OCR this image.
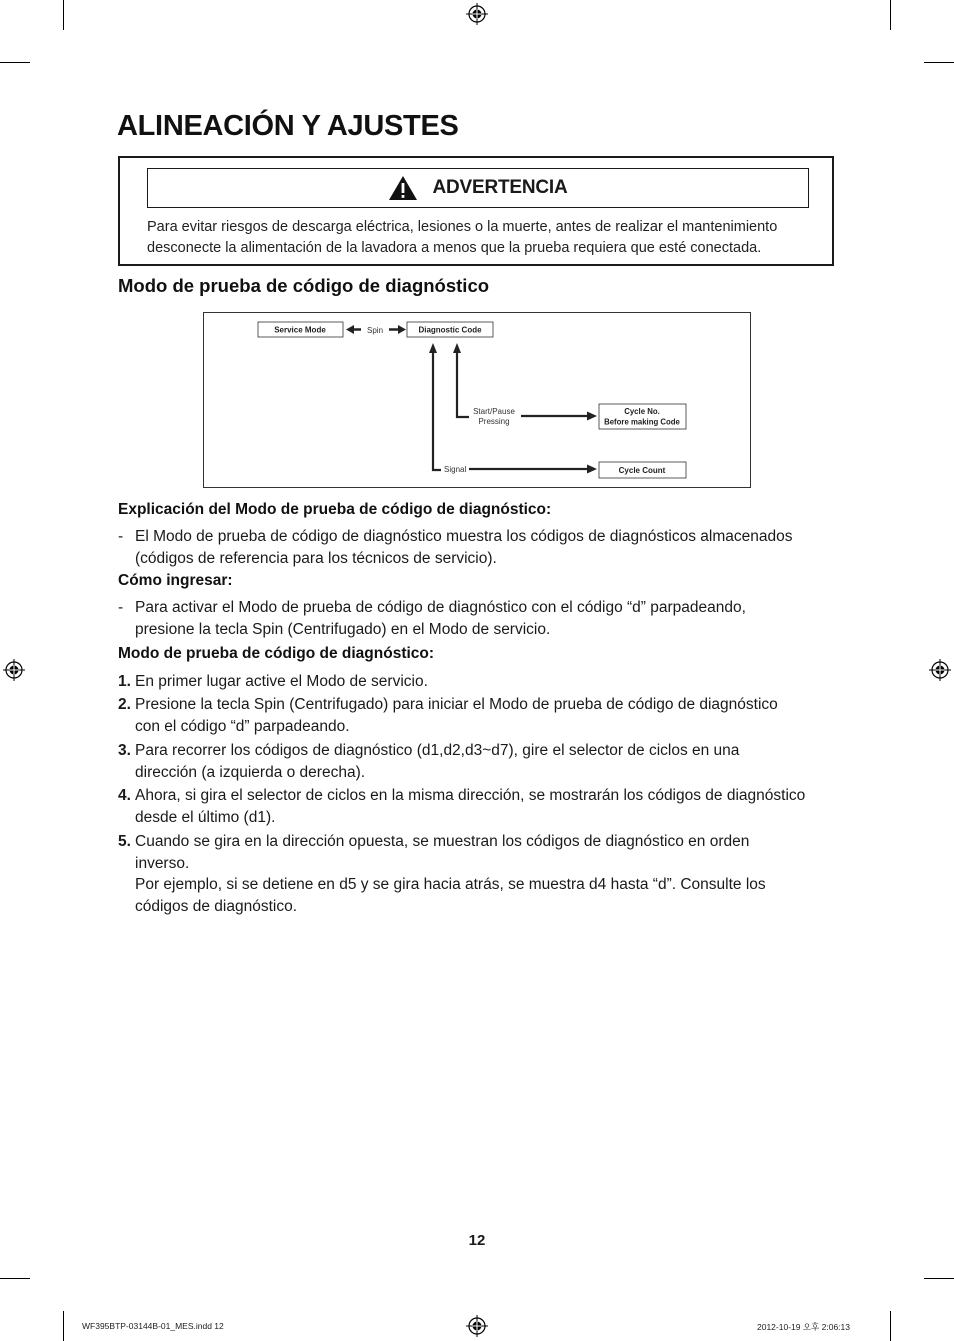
ALINEACIÓN Y AJUSTES
ADVERTENCIA
Para evitar riesgos de descarga eléctrica, lesiones o la muerte, antes de realizar el mantenimiento
desconecte la alimentación de la lavadora a menos que la prueba requiera que esté conectada.
Modo de prueba de código de diagnóstico
Service Mode	Spin	Diagnostic Code
Start/Pause
Pressing
Cycle No.
Before making Code
Signal	Cycle Count
Explicación del Modo de prueba de código de diagnóstico:
- El Modo de prueba de código de diagnóstico muestra los códigos de diagnósticos almacenados
(códigos de referencia para los técnicos de servicio).
Cómo ingresar:
- Para activar el Modo de prueba de código de diagnóstico con el código “d” parpadeando,
presione la tecla Spin (Centrifugado) en el Modo de servicio.
Modo de prueba de código de diagnóstico:
1. En primer lugar active el Modo de servicio.
2. Presione la tecla Spin (Centrifugado) para iniciar el Modo de prueba de código de diagnóstico
con el código “d” parpadeando.
3. Para recorrer los códigos de diagnóstico (d1,d2,d3~d7), gire el selector de ciclos en una
dirección (a izquierda o derecha).
4. Ahora, si gira el selector de ciclos en la misma dirección, se mostrarán los códigos de diagnóstico
desde el último (d1).
5. Cuando se gira en la dirección opuesta, se muestran los códigos de diagnóstico en orden
inverso.
Por ejemplo, si se detiene en d5 y se gira hacia atrás, se muestra d4 hasta “d”. Consulte los
códigos de diagnóstico.
12
WF395BTP-03144B-01_MES.indd 12	2012-10-19 오후 2:06:13
